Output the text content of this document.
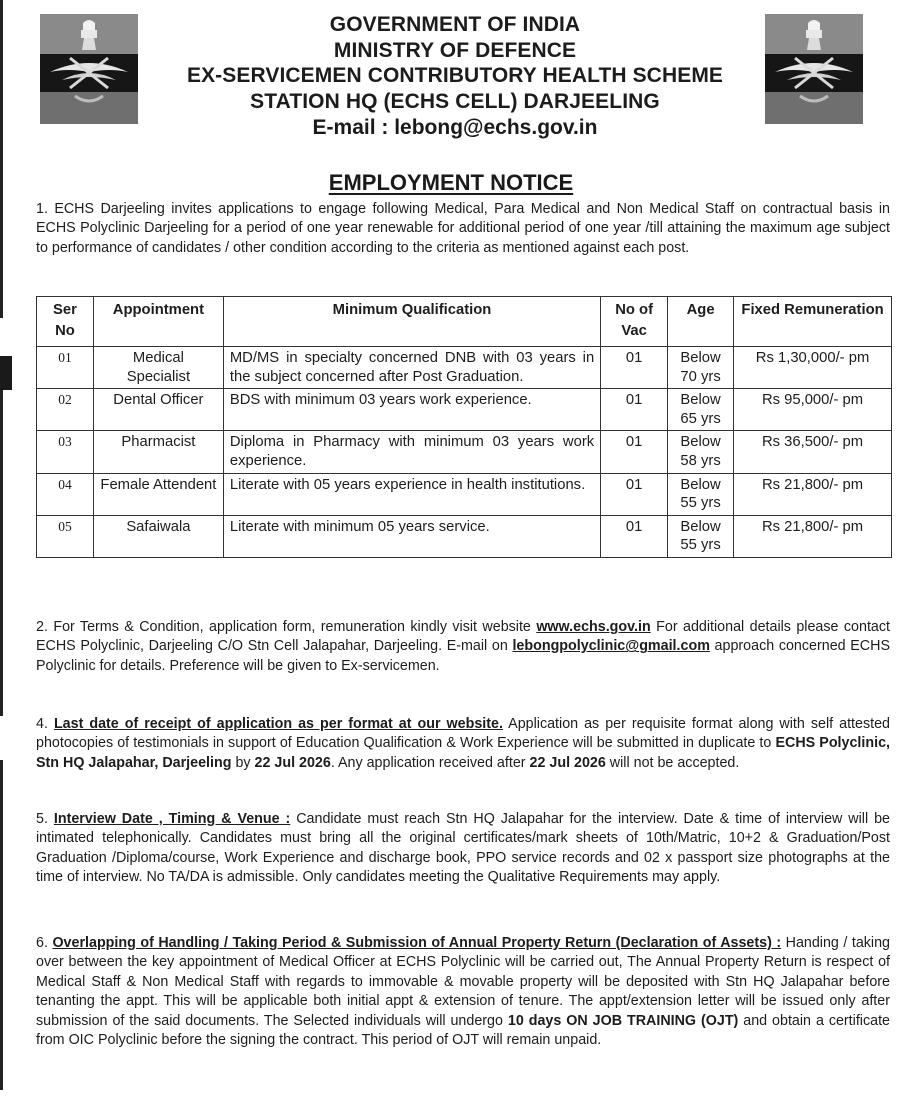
GOVERNMENT OF INDIA
MINISTRY OF DEFENCE
EX-SERVICEMEN CONTRIBUTORY HEALTH SCHEME
STATION HQ (ECHS CELL) DARJEELING
E-mail : lebong@echs.gov.in
EMPLOYMENT NOTICE
1. ECHS Darjeeling invites applications to engage following Medical, Para Medical and Non Medical Staff on contractual basis in ECHS Polyclinic Darjeeling for a period of one year renewable for additional period of one year /till attaining the maximum age subject to performance of candidates / other condition according to the criteria as mentioned against each post.
Ser No	Appointment	Minimum Qualification	No of Vac	Age	Fixed Remuneration
01	Medical Specialist	MD/MS in specialty concerned DNB with 03 years in the subject concerned after Post Graduation.	01	Below 70 yrs	Rs 1,30,000/- pm
02	Dental Officer	BDS with minimum 03 years work experience.	01	Below 65 yrs	Rs 95,000/- pm
03	Pharmacist	Diploma in Pharmacy with minimum 03 years work experience.	01	Below 58 yrs	Rs 36,500/- pm
04	Female Attendent	Literate with 05 years experience in health institutions.	01	Below 55 yrs	Rs 21,800/- pm
05	Safaiwala	Literate with minimum 05 years service.	01	Below 55 yrs	Rs 21,800/- pm
2. For Terms & Condition, application form, remuneration kindly visit website www.echs.gov.in For additional details please contact ECHS Polyclinic, Darjeeling C/O Stn Cell Jalapahar, Darjeeling. E-mail on lebongpolyclinic@gmail.com approach concerned ECHS Polyclinic for details. Preference will be given to Ex-servicemen.
4. Last date of receipt of application as per format at our website. Application as per requisite format along with self attested photocopies of testimonials in support of Education Qualification & Work Experience will be submitted in duplicate to ECHS Polyclinic, Stn HQ Jalapahar, Darjeeling by 22 Jul 2026. Any application received after 22 Jul 2026 will not be accepted.
5. Interview Date , Timing & Venue : Candidate must reach Stn HQ Jalapahar for the interview. Date & time of interview will be intimated telephonically. Candidates must bring all the original certificates/mark sheets of 10th/Matric, 10+2 & Graduation/Post Graduation /Diploma/course, Work Experience and discharge book, PPO service records and 02 x passport size photographs at the time of interview. No TA/DA is admissible. Only candidates meeting the Qualitative Requirements may apply.
6. Overlapping of Handling / Taking Period & Submission of Annual Property Return (Declaration of Assets) : Handing / taking over between the key appointment of Medical Officer at ECHS Polyclinic will be carried out, The Annual Property Return is respect of Medical Staff & Non Medical Staff with regards to immovable & movable property will be deposited with Stn HQ Jalapahar before tenanting the appt. This will be applicable both initial appt & extension of tenure. The appt/extension letter will be issued only after submission of the said documents. The Selected individuals will undergo 10 days ON JOB TRAINING (OJT) and obtain a certificate from OIC Polyclinic before the signing the contract. This period of OJT will remain unpaid.
